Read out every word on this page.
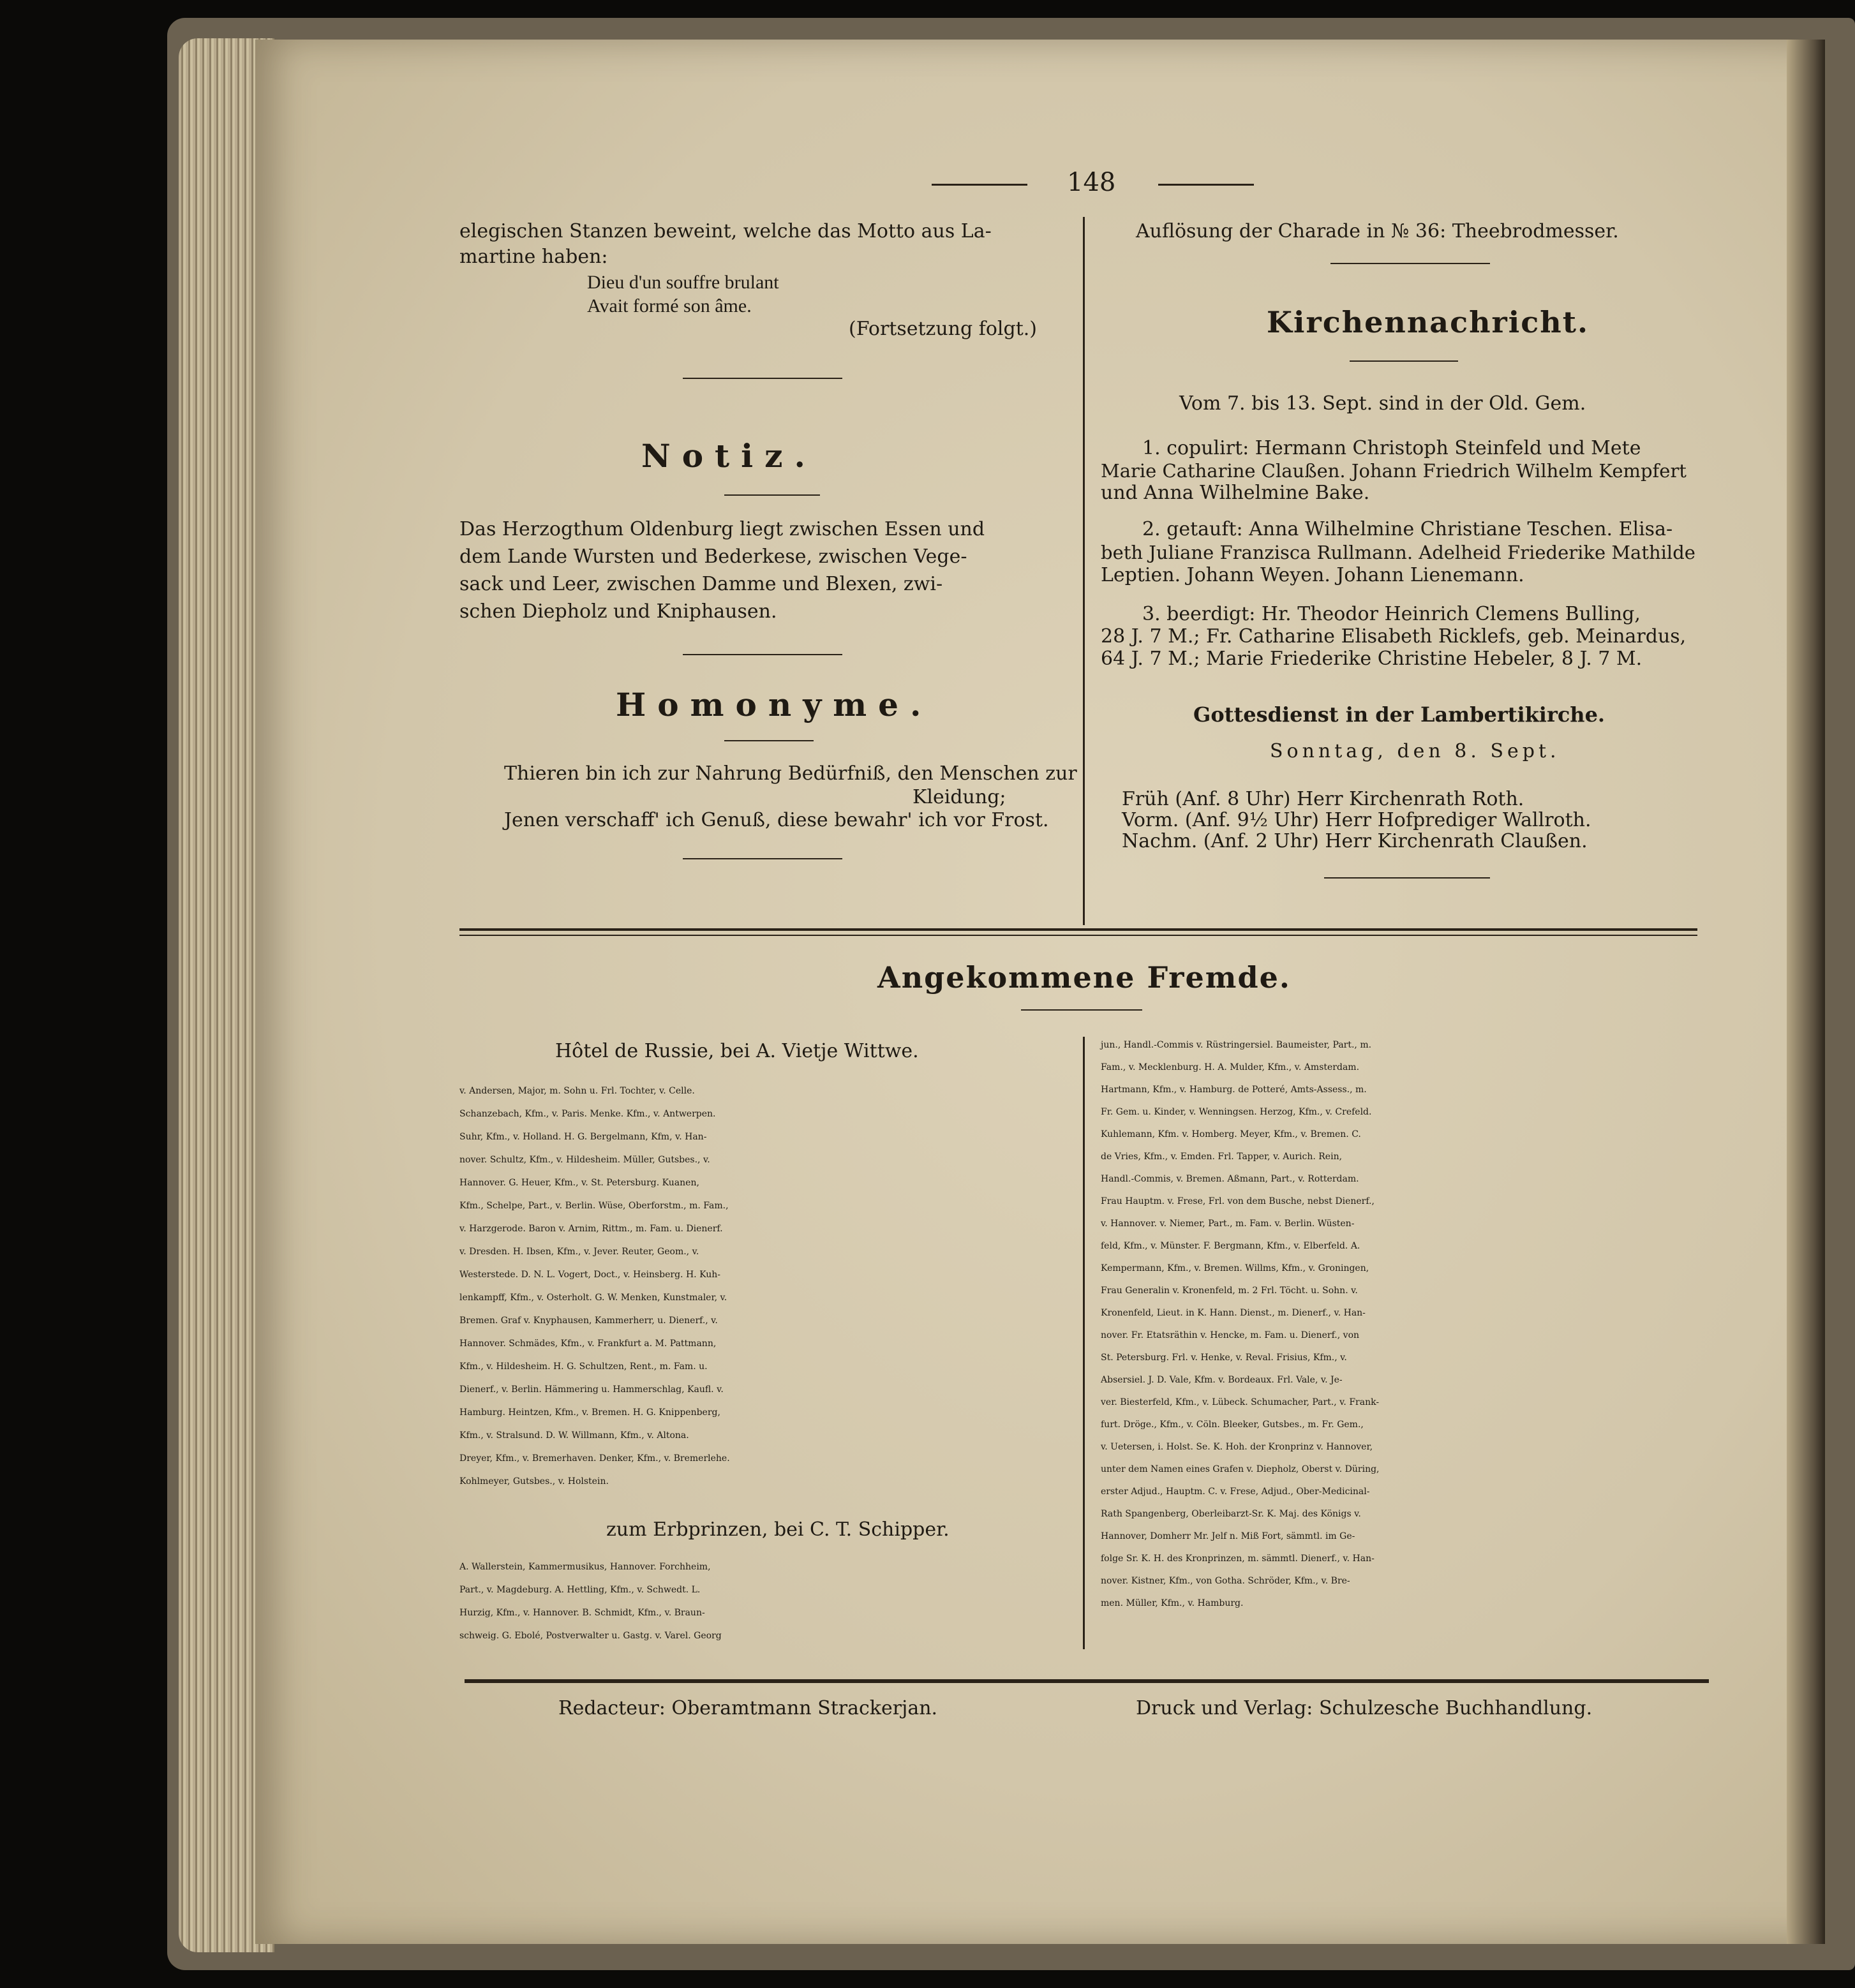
148
elegischen Stanzen beweint, welche das Motto aus La-
martine haben:
Dieu d'un souffre brulant
Avait formé son âme.
(Fortsetzung folgt.)
Notiz.
Das Herzogthum Oldenburg liegt zwischen Essen und
dem Lande Wursten und Bederkese, zwischen Vege-
sack und Leer, zwischen Damme und Blexen, zwi-
schen Diepholz und Kniphausen.
Homonyme.
Thieren bin ich zur Nahrung Bedürfniß, den Menschen zur
Kleidung;
Jenen verschaff' ich Genuß, diese bewahr' ich vor Frost.
Auflösung der Charade in № 36: Theebrodmesser.
Kirchennachricht.
Vom 7. bis 13. Sept. sind in der Old. Gem.
1. copulirt: Hermann Christoph Steinfeld und Mete
Marie Catharine Claußen. Johann Friedrich Wilhelm Kempfert
und Anna Wilhelmine Bake.
2. getauft: Anna Wilhelmine Christiane Teschen. Elisa-
beth Juliane Franzisca Rullmann. Adelheid Friederike Mathilde
Leptien. Johann Weyen. Johann Lienemann.
3. beerdigt: Hr. Theodor Heinrich Clemens Bulling,
28 J. 7 M.; Fr. Catharine Elisabeth Ricklefs, geb. Meinardus,
64 J. 7 M.; Marie Friederike Christine Hebeler, 8 J. 7 M.
Gottesdienst in der Lambertikirche.
Sonntag, den 8. Sept.
Früh (Anf. 8 Uhr) Herr Kirchenrath Roth.
Vorm. (Anf. 9½ Uhr) Herr Hofprediger Wallroth.
Nachm. (Anf. 2 Uhr) Herr Kirchenrath Claußen.
Angekommene Fremde.
Hôtel de Russie, bei A. Vietje Wittwe.
v. Andersen, Major, m. Sohn u. Frl. Tochter, v. Celle.
Schanzebach, Kfm., v. Paris. Menke. Kfm., v. Antwerpen.
Suhr, Kfm., v. Holland. H. G. Bergelmann, Kfm, v. Han-
nover. Schultz, Kfm., v. Hildesheim. Müller, Gutsbes., v.
Hannover. G. Heuer, Kfm., v. St. Petersburg. Kuanen,
Kfm., Schelpe, Part., v. Berlin. Wüse, Oberforstm., m. Fam.,
v. Harzgerode. Baron v. Arnim, Rittm., m. Fam. u. Dienerf.
v. Dresden. H. Ibsen, Kfm., v. Jever. Reuter, Geom., v.
Westerstede. D. N. L. Vogert, Doct., v. Heinsberg. H. Kuh-
lenkampff, Kfm., v. Osterholt. G. W. Menken, Kunstmaler, v.
Bremen. Graf v. Knyphausen, Kammerherr, u. Dienerf., v.
Hannover. Schmädes, Kfm., v. Frankfurt a. M. Pattmann,
Kfm., v. Hildesheim. H. G. Schultzen, Rent., m. Fam. u.
Dienerf., v. Berlin. Hämmering u. Hammerschlag, Kaufl. v.
Hamburg. Heintzen, Kfm., v. Bremen. H. G. Knippenberg,
Kfm., v. Stralsund. D. W. Willmann, Kfm., v. Altona.
Dreyer, Kfm., v. Bremerhaven. Denker, Kfm., v. Bremerlehe.
Kohlmeyer, Gutsbes., v. Holstein.
zum Erbprinzen, bei C. T. Schipper.
A. Wallerstein, Kammermusikus, Hannover. Forchheim,
Part., v. Magdeburg. A. Hettling, Kfm., v. Schwedt. L.
Hurzig, Kfm., v. Hannover. B. Schmidt, Kfm., v. Braun-
schweig. G. Ebolé, Postverwalter u. Gastg. v. Varel. Georg
jun., Handl.-Commis v. Rüstringersiel. Baumeister, Part., m.
Fam., v. Mecklenburg. H. A. Mulder, Kfm., v. Amsterdam.
Hartmann, Kfm., v. Hamburg. de Potteré, Amts-Assess., m.
Fr. Gem. u. Kinder, v. Wenningsen. Herzog, Kfm., v. Crefeld.
Kuhlemann, Kfm. v. Homberg. Meyer, Kfm., v. Bremen. C.
de Vries, Kfm., v. Emden. Frl. Tapper, v. Aurich. Rein,
Handl.-Commis, v. Bremen. Aßmann, Part., v. Rotterdam.
Frau Hauptm. v. Frese, Frl. von dem Busche, nebst Dienerf.,
v. Hannover. v. Niemer, Part., m. Fam. v. Berlin. Wüsten-
feld, Kfm., v. Münster. F. Bergmann, Kfm., v. Elberfeld. A.
Kempermann, Kfm., v. Bremen. Willms, Kfm., v. Groningen,
Frau Generalin v. Kronenfeld, m. 2 Frl. Töcht. u. Sohn. v.
Kronenfeld, Lieut. in K. Hann. Dienst., m. Dienerf., v. Han-
nover. Fr. Etatsräthin v. Hencke, m. Fam. u. Dienerf., von
St. Petersburg. Frl. v. Henke, v. Reval. Frisius, Kfm., v.
Absersiel. J. D. Vale, Kfm. v. Bordeaux. Frl. Vale, v. Je-
ver. Biesterfeld, Kfm., v. Lübeck. Schumacher, Part., v. Frank-
furt. Dröge., Kfm., v. Cöln. Bleeker, Gutsbes., m. Fr. Gem.,
v. Uetersen, i. Holst. Se. K. Hoh. der Kronprinz v. Hannover,
unter dem Namen eines Grafen v. Diepholz, Oberst v. Düring,
erster Adjud., Hauptm. C. v. Frese, Adjud., Ober-Medicinal-
Rath Spangenberg, Oberleibarzt-Sr. K. Maj. des Königs v.
Hannover, Domherr Mr. Jelf n. Miß Fort, sämmtl. im Ge-
folge Sr. K. H. des Kronprinzen, m. sämmtl. Dienerf., v. Han-
nover. Kistner, Kfm., von Gotha. Schröder, Kfm., v. Bre-
men. Müller, Kfm., v. Hamburg.
Redacteur: Oberamtmann Strackerjan.	Druck und Verlag: Schulzesche Buchhandlung.
